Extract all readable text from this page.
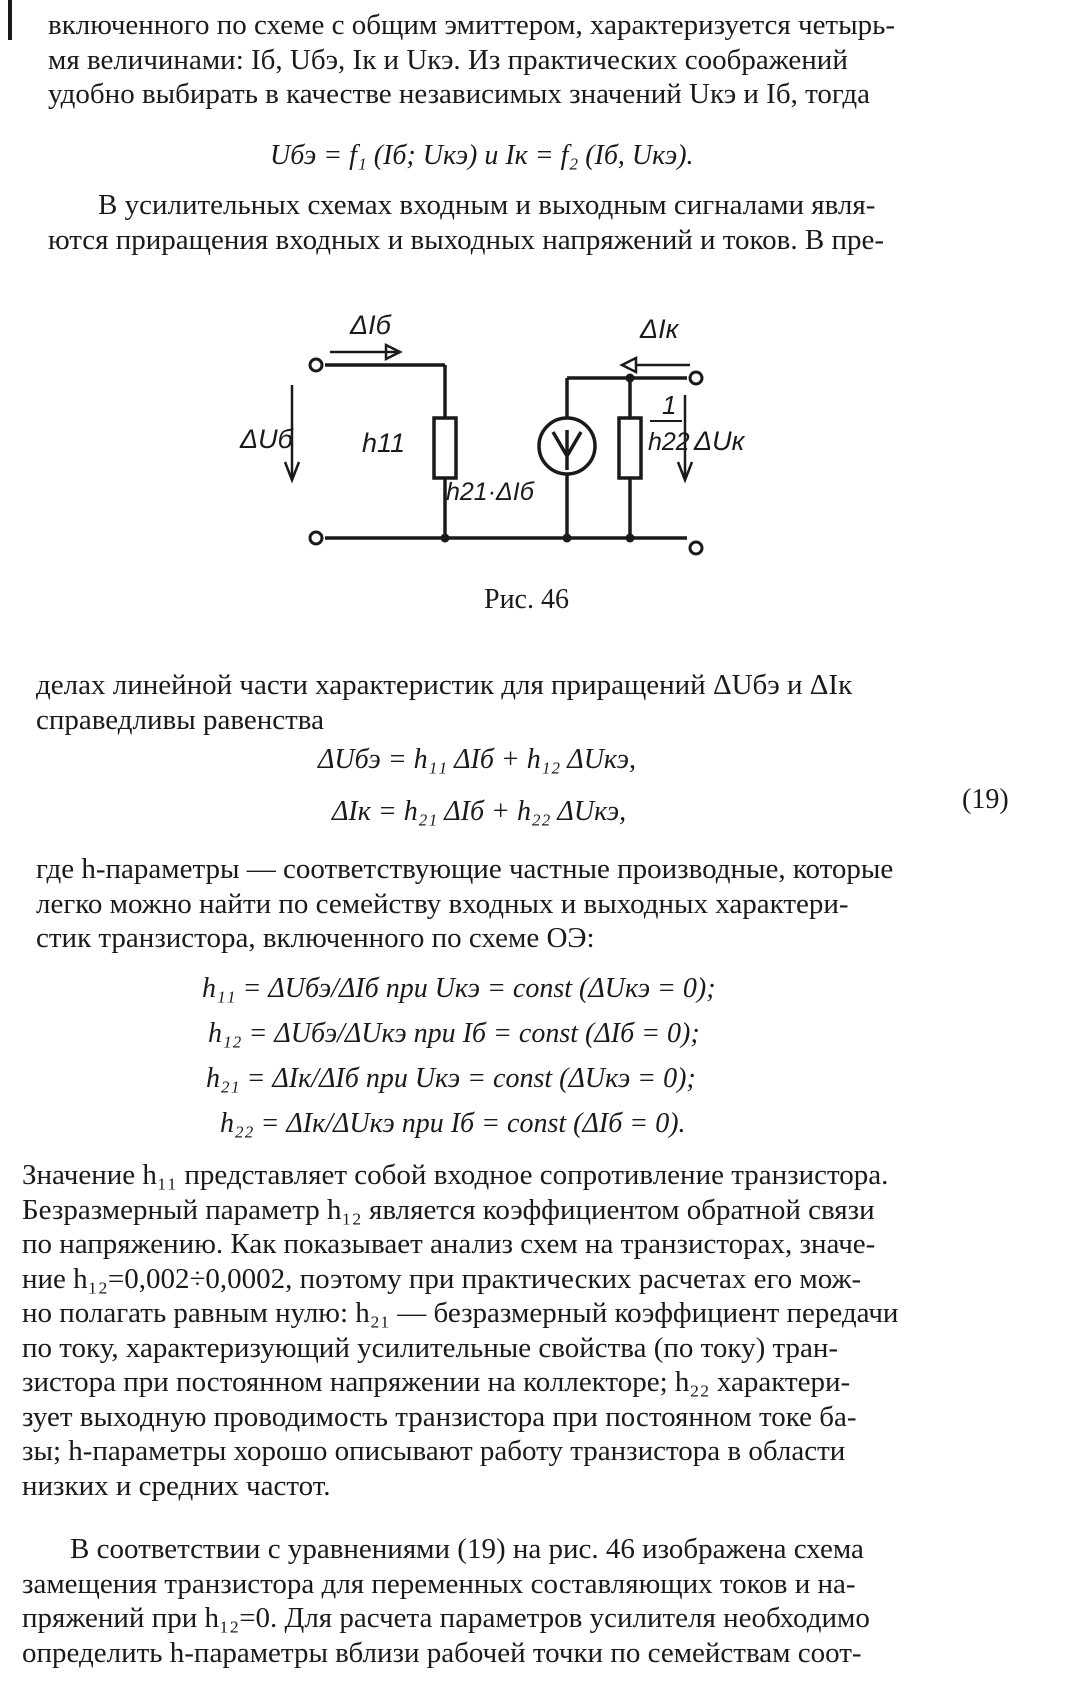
включенного по схеме с общим эмиттером, характеризуется четырь-
мя величинами: Iб, Uбэ, Iк и Uкэ. Из практических соображений
удобно выбирать в качестве независимых значений Uкэ и Iб, тогда
Uбэ = f₁ (Iб; Uкэ) и Iк = f₂ (Iб, Uкэ).
В усилительных схемах входным и выходным сигналами явля-
ются приращения входных и выходных напряжений и токов. В пре-
ΔIб	ΔIк
ΔUб	ΔUк
h11
h21·ΔIб
1
h22
Рис. 46
делах линейной части характеристик для приращений ΔUбэ и ΔIк
справедливы равенства
ΔUбэ = h₁₁ ΔIб + h₁₂ ΔUкэ,
ΔIк = h₂₁ ΔIб + h₂₂ ΔUкэ,	(19)
где h-параметры — соответствующие частные производные, которые
легко можно найти по семейству входных и выходных характери-
стик транзистора, включенного по схеме ОЭ:
h₁₁ = ΔUбэ/ΔIб при Uкэ = const (ΔUкэ = 0);
h₁₂ = ΔUбэ/ΔUкэ при Iб = const (ΔIб = 0);
h₂₁ = ΔIк/ΔIб при Uкэ = const (ΔUкэ = 0);
h₂₂ = ΔIк/ΔUкэ при Iб = const (ΔIб = 0).
Значение h₁₁ представляет собой входное сопротивление транзистора.
Безразмерный параметр h₁₂ является коэффициентом обратной связи
по напряжению. Как показывает анализ схем на транзисторах, значе-
ние h₁₂=0,002÷0,0002, поэтому при практических расчетах его мож-
но полагать равным нулю: h₂₁ — безразмерный коэффициент передачи
по току, характеризующий усилительные свойства (по току) тран-
зистора при постоянном напряжении на коллекторе; h₂₂ характери-
зует выходную проводимость транзистора при постоянном токе ба-
зы; h-параметры хорошо описывают работу транзистора в области
низких и средних частот.
В соответствии с уравнениями (19) на рис. 46 изображена схема
замещения транзистора для переменных составляющих токов и на-
пряжений при h₁₂=0. Для расчета параметров усилителя необходимо
определить h-параметры вблизи рабочей точки по семействам соот-
